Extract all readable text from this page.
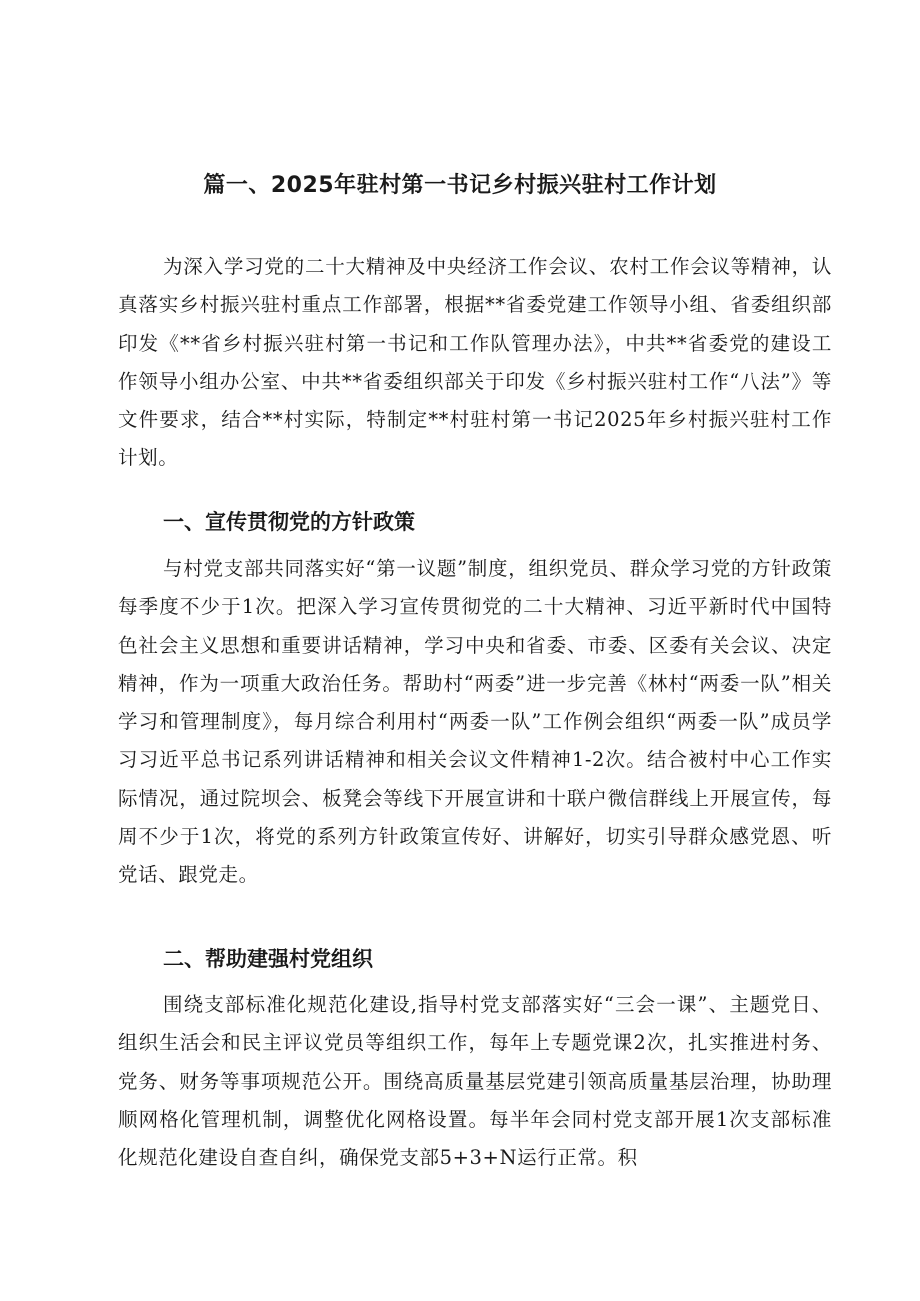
篇一、2025年驻村第一书记乡村振兴驻村工作计划

为深入学习党的二十大精神及中央经济工作会议、农村工作会议等精神，认真落实乡村振兴驻村重点工作部署，根据**省委党建工作领导小组、省委组织部印发《**省乡村振兴驻村第一书记和工作队管理办法》，中共**省委党的建设工作领导小组办公室、中共**省委组织部关于印发《乡村振兴驻村工作“八法”》等文件要求，结合**村实际，特制定**村驻村第一书记2025年乡村振兴驻村工作计划。

一、宣传贯彻党的方针政策

与村党支部共同落实好“第一议题”制度，组织党员、群众学习党的方针政策每季度不少于1次。把深入学习宣传贯彻党的二十大精神、习近平新时代中国特色社会主义思想和重要讲话精神，学习中央和省委、市委、区委有关会议、决定精神，作为一项重大政治任务。帮助村“两委”进一步完善《林村“两委一队”相关学习和管理制度》，每月综合利用村“两委一队”工作例会组织“两委一队”成员学习习近平总书记系列讲话精神和相关会议文件精神1-2次。结合被村中心工作实际情况，通过院坝会、板凳会等线下开展宣讲和十联户微信群线上开展宣传，每周不少于1次，将党的系列方针政策宣传好、讲解好，切实引导群众感党恩、听党话、跟党走。

二、帮助建强村党组织

围绕支部标准化规范化建设,指导村党支部落实好“三会一课”、主题党日、组织生活会和民主评议党员等组织工作，每年上专题党课2次，扎实推进村务、党务、财务等事项规范公开。围绕高质量基层党建引领高质量基层治理，协助理顺网格化管理机制，调整优化网格设置。每半年会同村党支部开展1次支部标准化规范化建设自查自纠，确保党支部5+3+N运行正常。积
